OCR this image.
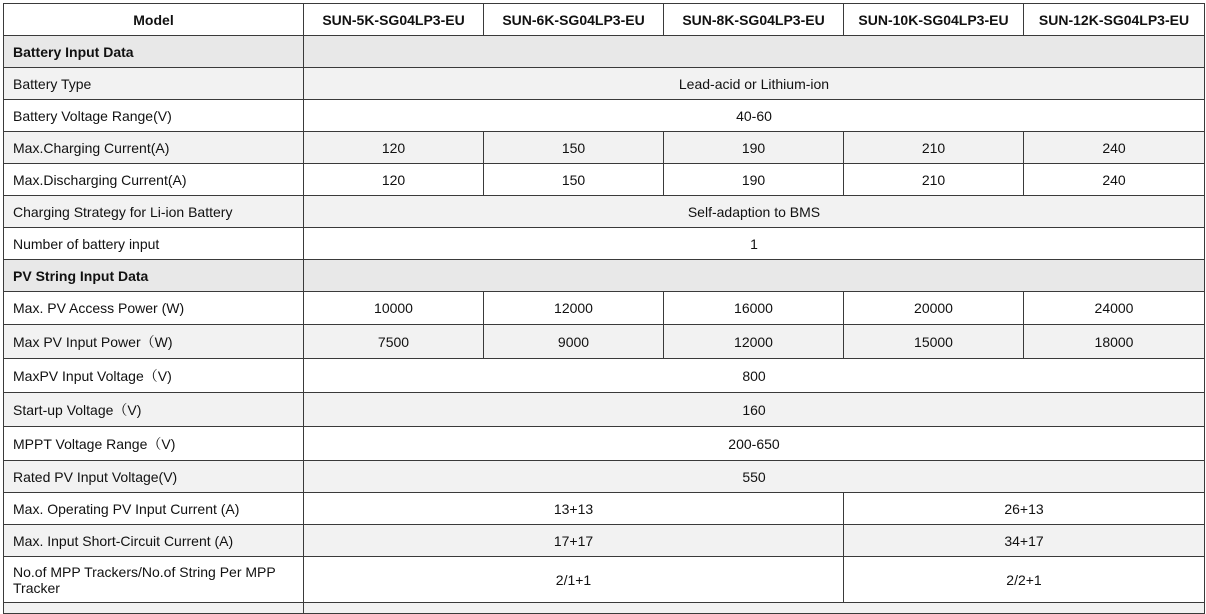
Model	SUN-5K-SG04LP3-EU	SUN-6K-SG04LP3-EU	SUN-8K-SG04LP3-EU	SUN-10K-SG04LP3-EU	SUN-12K-SG04LP3-EU
Battery Input Data					
Battery Type	Lead-acid or Lithium-ion				
Battery Voltage Range(V)	40-60				
Max.Charging Current(A)	120	150	190	210	240
Max.Discharging Current(A)	120	150	190	210	240
Charging Strategy for Li-ion Battery	Self-adaption to BMS				
Number of battery input	1				
PV String Input Data					
Max. PV Access Power (W)	10000	12000	16000	20000	24000
Max PV Input Power（W)	7500	9000	12000	15000	18000
MaxPV Input Voltage（V)	800				
Start-up Voltage（V)	160				
MPPT Voltage Range（V)	200-650				
Rated PV Input Voltage(V)	550				
Max. Operating PV Input Current (A)	13+13			26+13	
Max. Input Short-Circuit Current (A)	17+17			34+17	
No.of MPP Trackers/No.of String Per MPP Tracker	2/1+1			2/2+1	
